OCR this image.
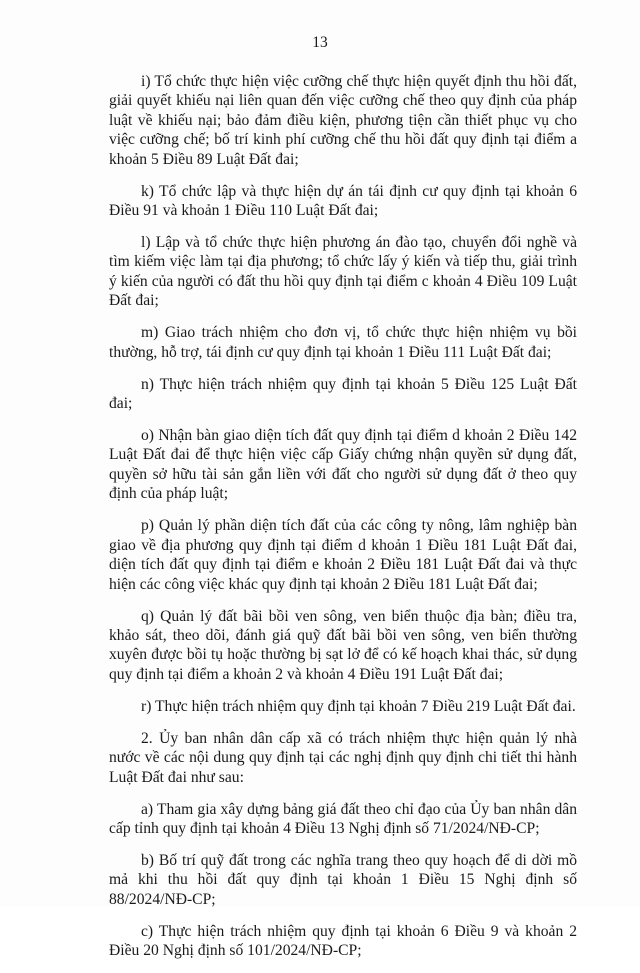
13

i) Tổ chức thực hiện việc cưỡng chế thực hiện quyết định thu hồi đất, giải quyết khiếu nại liên quan đến việc cưỡng chế theo quy định của pháp luật về khiếu nại; bảo đảm điều kiện, phương tiện cần thiết phục vụ cho việc cưỡng chế; bố trí kinh phí cưỡng chế thu hồi đất quy định tại điểm a khoản 5 Điều 89 Luật Đất đai;

k) Tổ chức lập và thực hiện dự án tái định cư quy định tại khoản 6 Điều 91 và khoản 1 Điều 110 Luật Đất đai;

l) Lập và tổ chức thực hiện phương án đào tạo, chuyển đổi nghề và tìm kiếm việc làm tại địa phương; tổ chức lấy ý kiến và tiếp thu, giải trình ý kiến của người có đất thu hồi quy định tại điểm c khoản 4 Điều 109 Luật Đất đai;

m) Giao trách nhiệm cho đơn vị, tổ chức thực hiện nhiệm vụ bồi thường, hỗ trợ, tái định cư quy định tại khoản 1 Điều 111 Luật Đất đai;

n) Thực hiện trách nhiệm quy định tại khoản 5 Điều 125 Luật Đất đai;

o) Nhận bàn giao diện tích đất quy định tại điểm d khoản 2 Điều 142 Luật Đất đai để thực hiện việc cấp Giấy chứng nhận quyền sử dụng đất, quyền sở hữu tài sản gắn liền với đất cho người sử dụng đất ở theo quy định của pháp luật;

p) Quản lý phần diện tích đất của các công ty nông, lâm nghiệp bàn giao về địa phương quy định tại điểm d khoản 1 Điều 181 Luật Đất đai, diện tích đất quy định tại điểm e khoản 2 Điều 181 Luật Đất đai và thực hiện các công việc khác quy định tại khoản 2 Điều 181 Luật Đất đai;

q) Quản lý đất bãi bồi ven sông, ven biển thuộc địa bàn; điều tra, khảo sát, theo dõi, đánh giá quỹ đất bãi bồi ven sông, ven biển thường xuyên được bồi tụ hoặc thường bị sạt lở để có kế hoạch khai thác, sử dụng quy định tại điểm a khoản 2 và khoản 4 Điều 191 Luật Đất đai;

r) Thực hiện trách nhiệm quy định tại khoản 7 Điều 219 Luật Đất đai.

2. Ủy ban nhân dân cấp xã có trách nhiệm thực hiện quản lý nhà nước về các nội dung quy định tại các nghị định quy định chi tiết thi hành Luật Đất đai như sau:

a) Tham gia xây dựng bảng giá đất theo chỉ đạo của Ủy ban nhân dân cấp tỉnh quy định tại khoản 4 Điều 13 Nghị định số 71/2024/NĐ-CP;

b) Bố trí quỹ đất trong các nghĩa trang theo quy hoạch để di dời mồ mả khi thu hồi đất quy định tại khoản 1 Điều 15 Nghị định số 88/2024/NĐ-CP;

c) Thực hiện trách nhiệm quy định tại khoản 6 Điều 9 và khoản 2 Điều 20 Nghị định số 101/2024/NĐ-CP;
